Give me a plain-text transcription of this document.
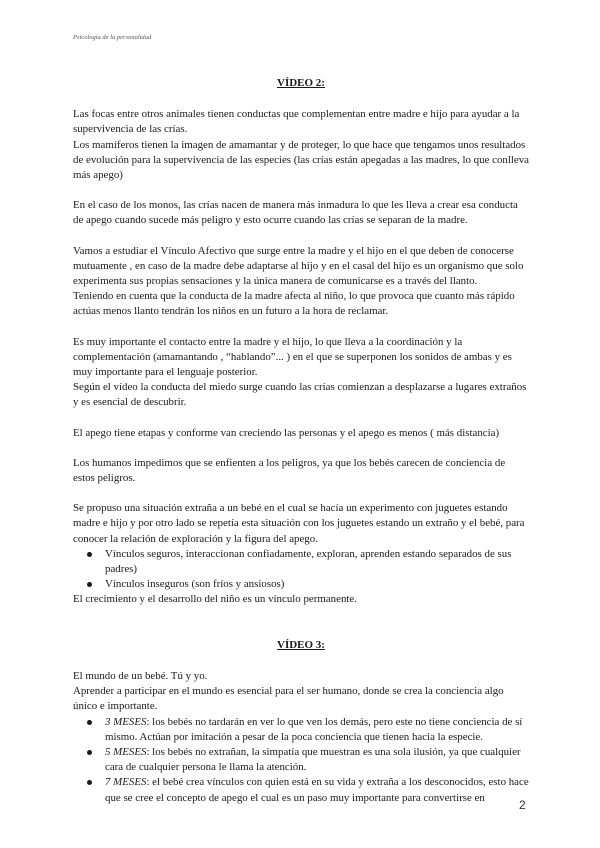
Psicología de la personalidad

VÍDEO 2:

Las focas entre otros animales tienen conductas que complementan entre madre e hijo para ayudar a la supervivencia de las crías.

Los mamíferos tienen la imagen de amamantar y de proteger, lo que hace que tengamos unos resultados de evolución para la supervivencia de las especies (las crías están apegadas a las madres, lo que conlleva más apego)

En el caso de los monos, las crías nacen de manera más inmadura lo que les lleva a crear esa conducta de apego cuando sucede más peligro y esto ocurre cuando las crías se separan de la madre.

Vamos a estudiar el Vínculo Afectivo que surge entre la madre y el hijo en el que deben de conocerse mutuamente , en caso de la madre debe adaptarse al hijo y en el casal del hijo es un organismo que solo experimenta sus propias sensaciones y la única manera de comunicarse es a través del llanto.

Teniendo en cuenta que la conducta de la madre afecta al niño, lo que provoca que cuanto más rápido actúas menos llanto tendrán los niños en un futuro a la hora de reclamar.

Es muy importante el contacto entre la madre y el hijo, lo que lleva a la coordinación y la complementación (amamantando , “hablando”... ) en el que se superponen los sonidos de ambas y es muy importante para el lenguaje posterior.

Según el vídeo la conducta del miedo surge cuando las crías comienzan a desplazarse a lugares extraños y es esencial de descubrir.

El apego tiene etapas y conforme van creciendo las personas y el apego es menos ( más distancia)

Los humanos impedimos que se enfienten a los peligros, ya que los bebés carecen de conciencia de estos peligros.

Se propuso una situación extraña a un bebé en el cual se hacía un experimento con juguetes estando madre e hijo y por otro lado se repetía esta situación con los juguetes estando un extraño y el bebé, para conocer la relación de exploración y la figura del apego.

Vínculos seguros, interaccionan confiadamente, exploran, aprenden estando separados de sus padres)
Vínculos inseguros (son fríos y ansiosos)

El crecimiento y el desarrollo del niño es un vínculo permanente.

VÍDEO 3:

El mundo de un bebé. Tú y yo.

Aprender a participar en el mundo es esencial para el ser humano, donde se crea la conciencia algo único e importante.

3 MESES: los bebés no tardarán en ver lo que ven los demás, pero este no tiene conciencia de sí mismo. Actúan por imitación a pesar de la poca conciencia que tienen hacia la especie.
5 MESES: los bebés no extrañan, la simpatía que muestran es una sola ilusión, ya que cualquier cara de cualquier persona le llama la atención.
7 MESES: el bebé crea vínculos con quien está en su vida y extraña a los desconocidos, esto hace que se cree el concepto de apego el cual es un paso muy importante para convertirse en
2
